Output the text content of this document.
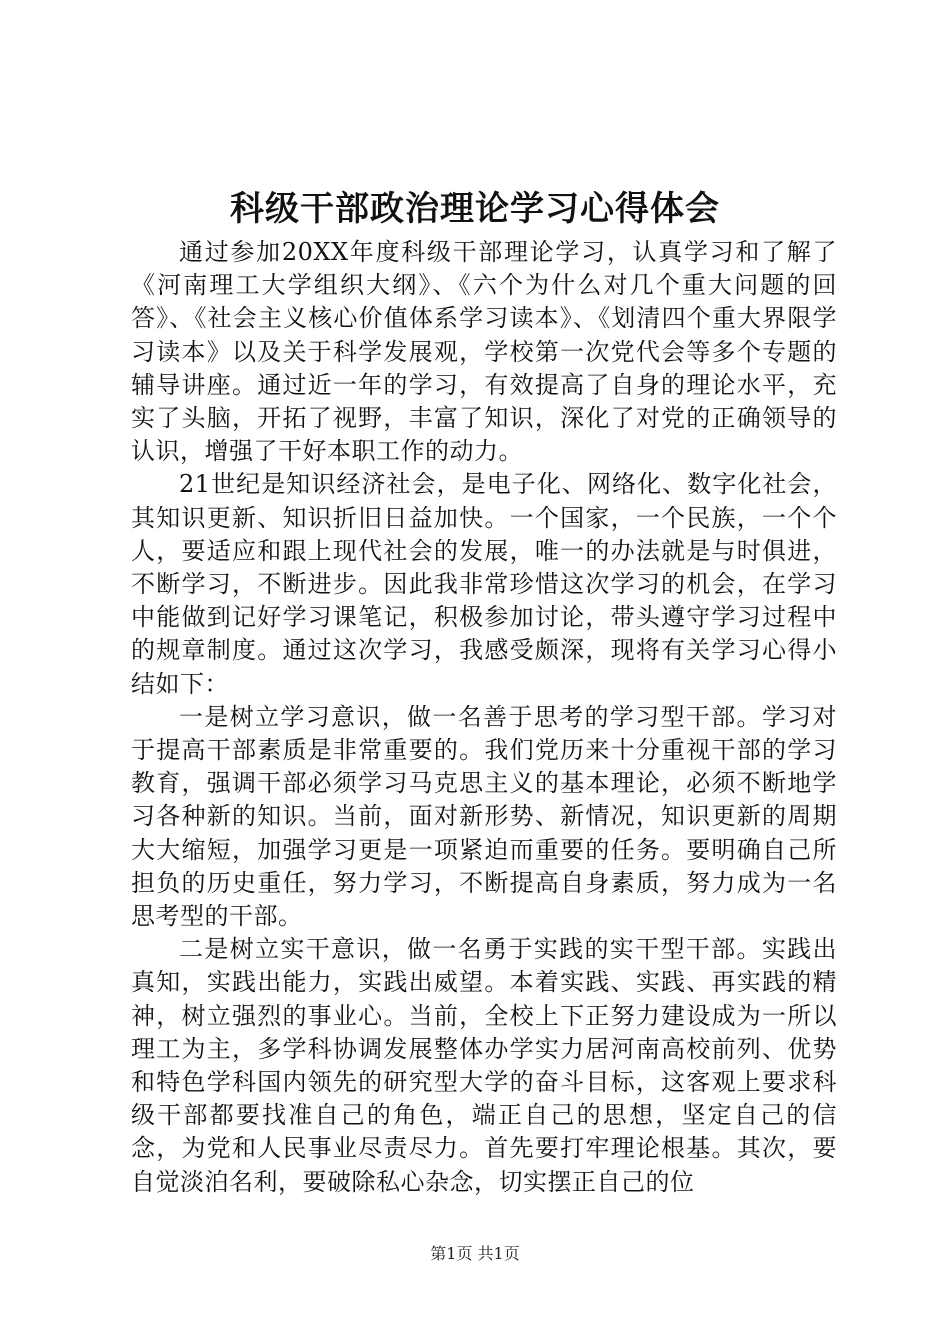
科级干部政治理论学习心得体会

通过参加20XX年度科级干部理论学习，认真学习和了解了《河南理工大学组织大纲》、《六个为什么对几个重大问题的回答》、《社会主义核心价值体系学习读本》、《划清四个重大界限学习读本》以及关于科学发展观，学校第一次党代会等多个专题的辅导讲座。通过近一年的学习，有效提高了自身的理论水平，充实了头脑，开拓了视野，丰富了知识，深化了对党的正确领导的认识，增强了干好本职工作的动力。

21世纪是知识经济社会，是电子化、网络化、数字化社会，其知识更新、知识折旧日益加快。一个国家，一个民族，一个个人，要适应和跟上现代社会的发展，唯一的办法就是与时俱进，不断学习，不断进步。因此我非常珍惜这次学习的机会，在学习中能做到记好学习课笔记，积极参加讨论，带头遵守学习过程中的规章制度。通过这次学习，我感受颇深，现将有关学习心得小结如下：

一是树立学习意识，做一名善于思考的学习型干部。学习对于提高干部素质是非常重要的。我们党历来十分重视干部的学习教育，强调干部必须学习马克思主义的基本理论，必须不断地学习各种新的知识。当前，面对新形势、新情况，知识更新的周期大大缩短，加强学习更是一项紧迫而重要的任务。要明确自己所担负的历史重任，努力学习，不断提高自身素质，努力成为一名思考型的干部。

二是树立实干意识，做一名勇于实践的实干型干部。实践出真知，实践出能力，实践出威望。本着实践、实践、再实践的精神，树立强烈的事业心。当前，全校上下正努力建设成为一所以理工为主，多学科协调发展整体办学实力居河南高校前列、优势和特色学科国内领先的研究型大学的奋斗目标，这客观上要求科级干部都要找准自己的角色，端正自己的思想，坚定自己的信念，为党和人民事业尽责尽力。首先要打牢理论根基。其次，要自觉淡泊名利，要破除私心杂念，切实摆正自己的位

第1页 共1页
